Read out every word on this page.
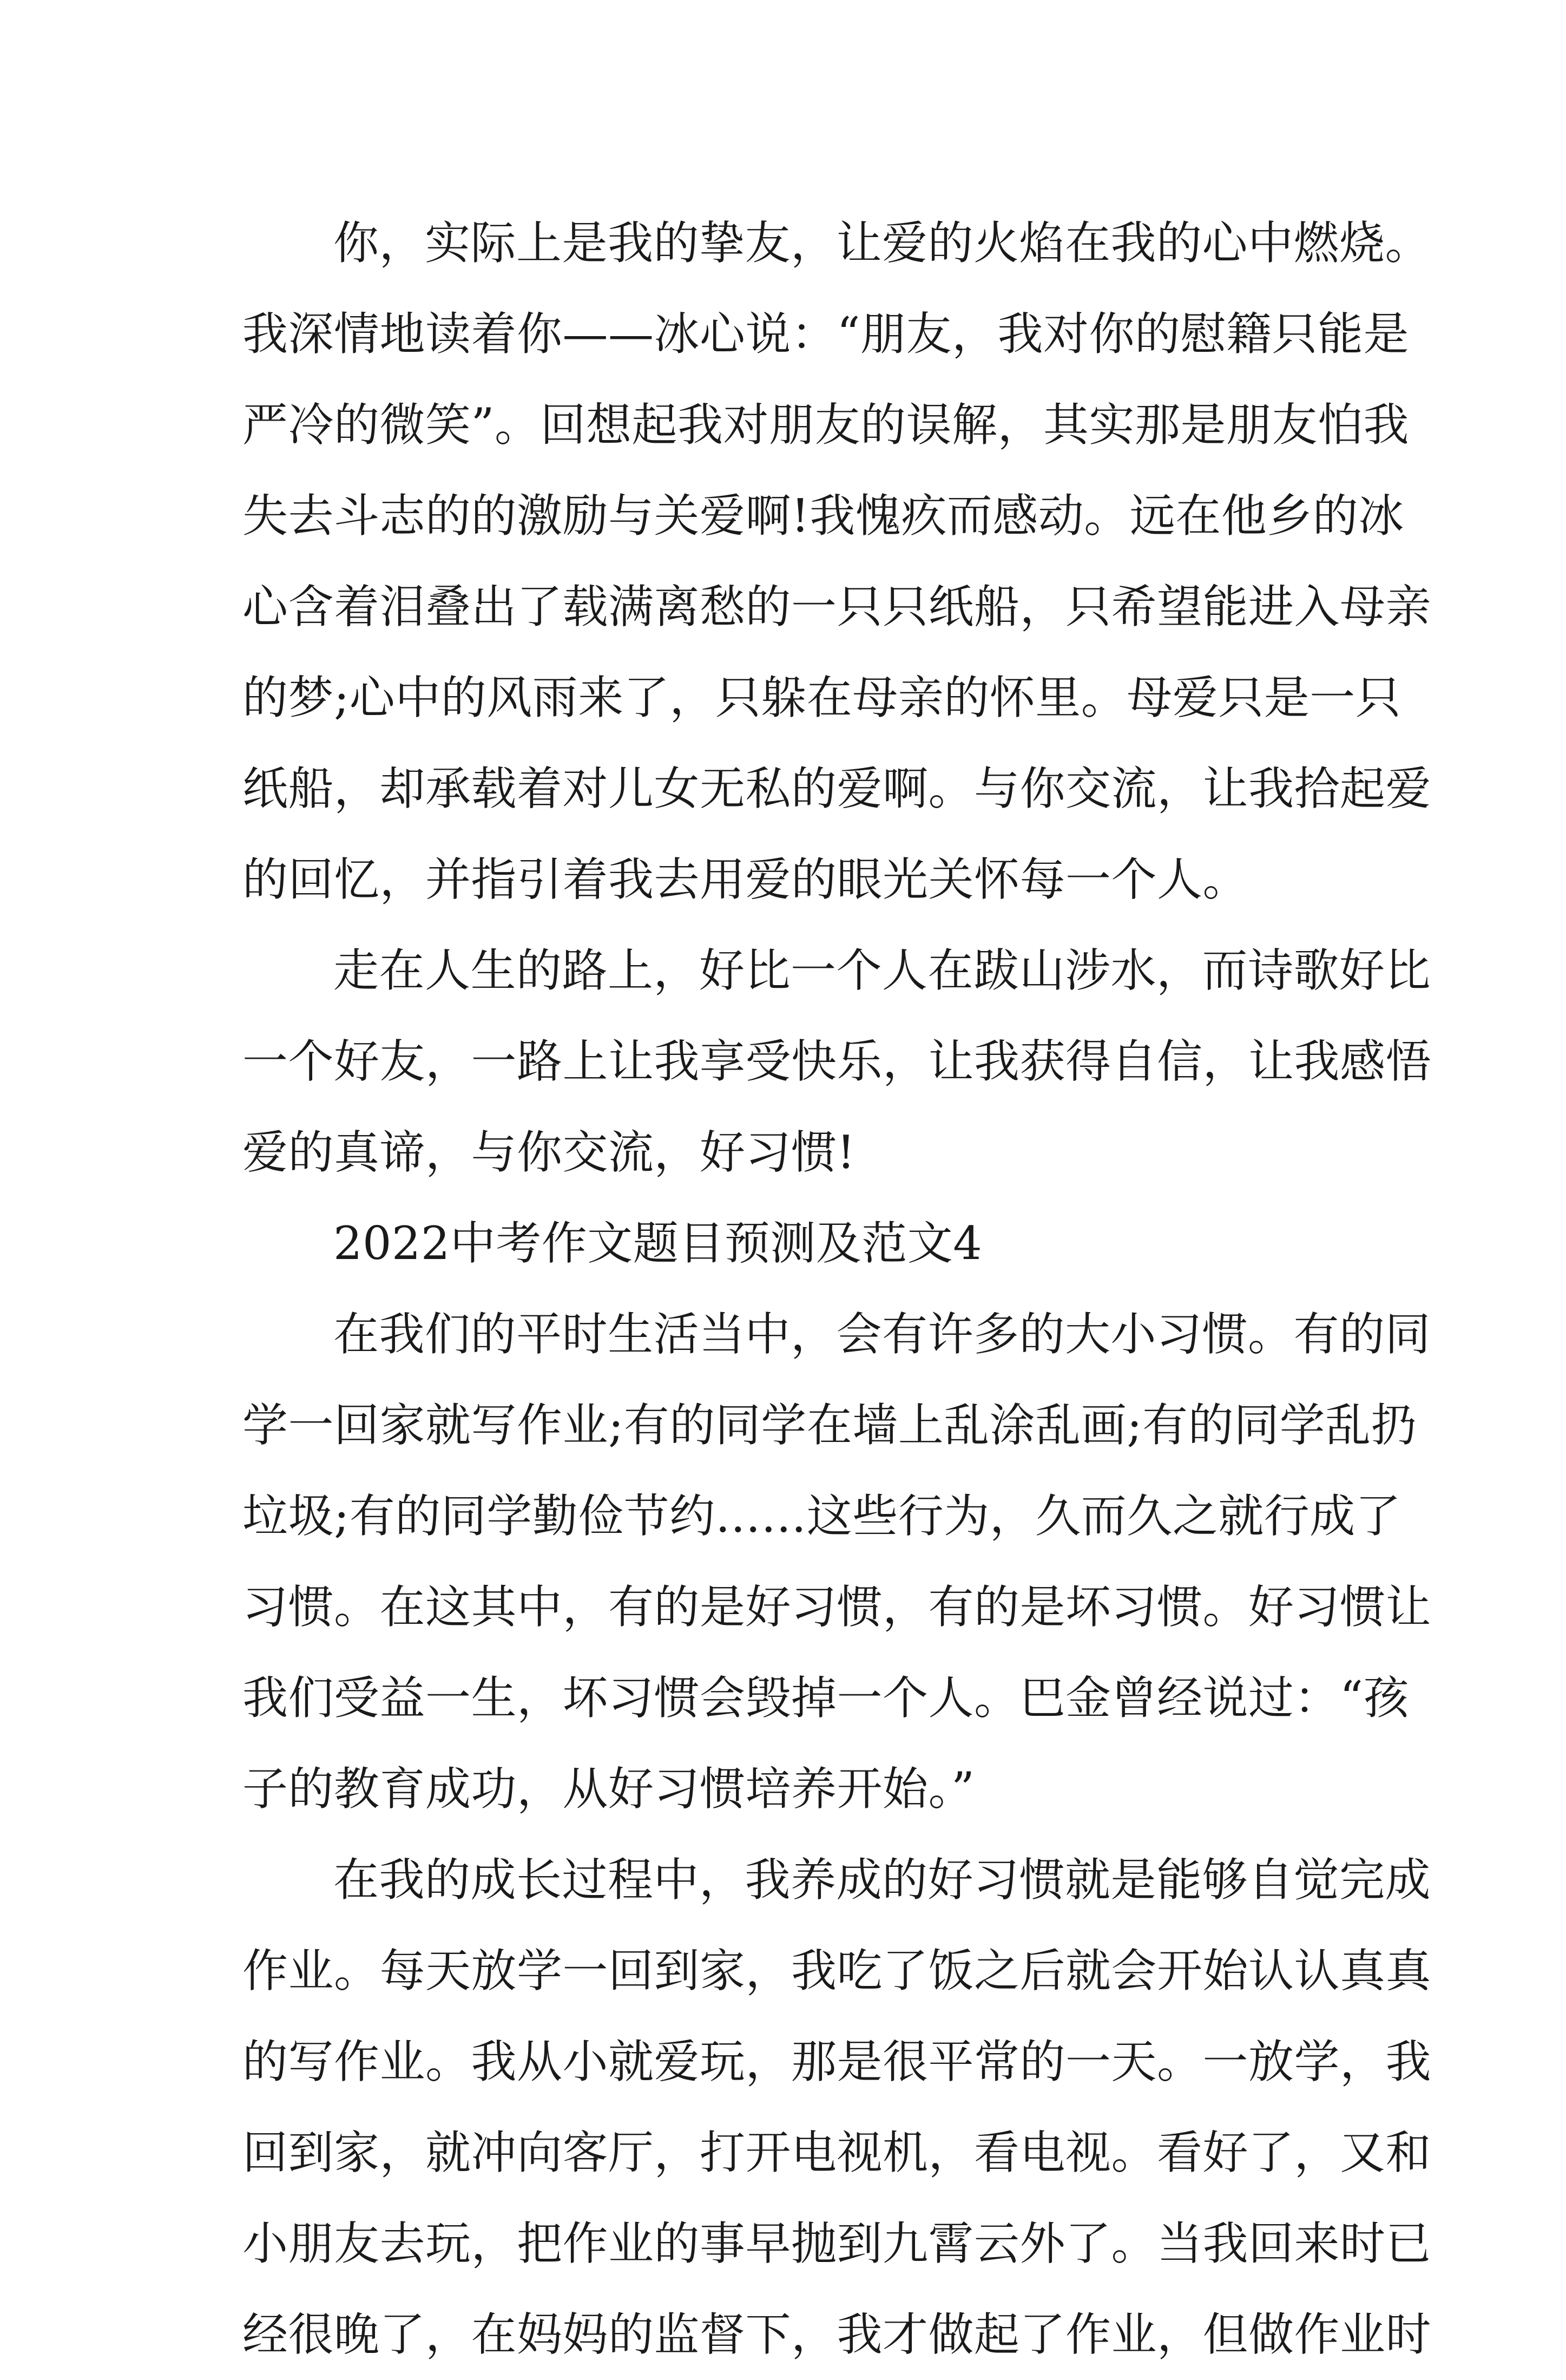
你，实际上是我的挚友，让爱的火焰在我的心中燃烧。
我深情地读着你——冰心说：“朋友，我对你的慰籍只能是
严冷的微笑”。回想起我对朋友的误解，其实那是朋友怕我
失去斗志的的激励与关爱啊!我愧疚而感动。远在他乡的冰
心含着泪叠出了载满离愁的一只只纸船，只希望能进入母亲
的梦;心中的风雨来了，只躲在母亲的怀里。母爱只是一只
纸船，却承载着对儿女无私的爱啊。与你交流，让我拾起爱
的回忆，并指引着我去用爱的眼光关怀每一个人。
走在人生的路上，好比一个人在跋山涉水，而诗歌好比
一个好友，一路上让我享受快乐，让我获得自信，让我感悟
爱的真谛，与你交流，好习惯!
2022中考作文题目预测及范文4
在我们的平时生活当中，会有许多的大小习惯。有的同
学一回家就写作业;有的同学在墙上乱涂乱画;有的同学乱扔
垃圾;有的同学勤俭节约……这些行为，久而久之就行成了
习惯。在这其中，有的是好习惯，有的是坏习惯。好习惯让
我们受益一生，坏习惯会毁掉一个人。巴金曾经说过：“孩
子的教育成功，从好习惯培养开始。”
在我的成长过程中，我养成的好习惯就是能够自觉完成
作业。每天放学一回到家，我吃了饭之后就会开始认认真真
的写作业。我从小就爱玩，那是很平常的一天。一放学，我
回到家，就冲向客厅，打开电视机，看电视。看好了，又和
小朋友去玩，把作业的事早抛到九霄云外了。当我回来时已
经很晚了，在妈妈的监督下，我才做起了作业，但做作业时
